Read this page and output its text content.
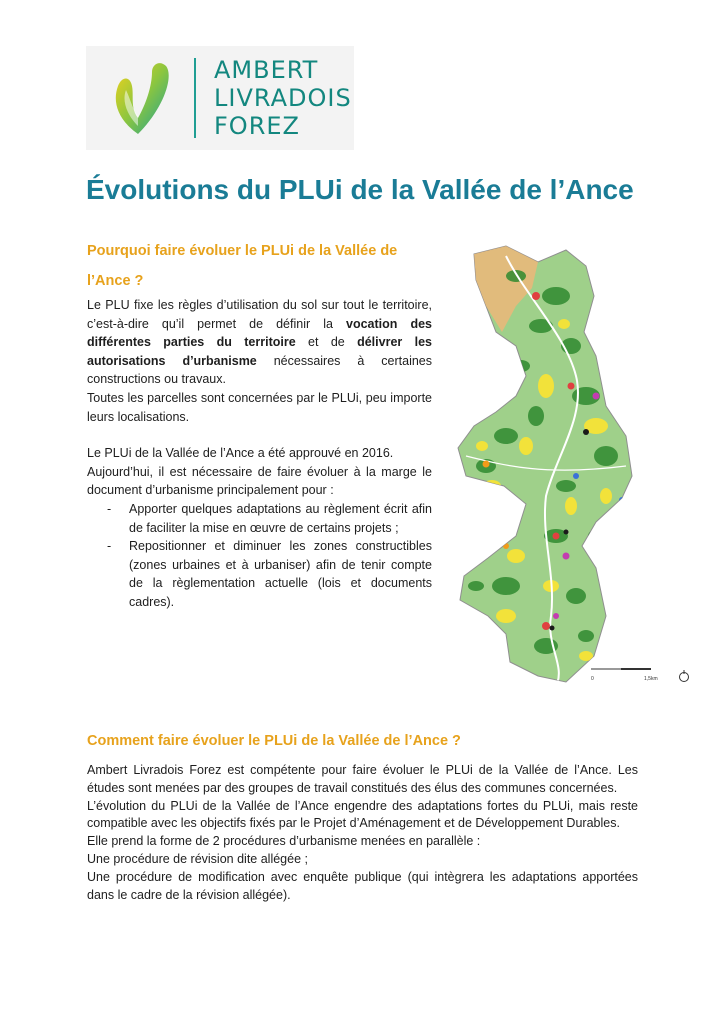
AMBERT
LIVRADOIS
FOREZ
Évolutions du PLUi de la Vallée de l’Ance
Pourquoi faire évoluer le PLUi de la Vallée de l’Ance ?

Le PLU fixe les règles d’utilisation du sol sur tout le territoire, c’est-à-dire qu’il permet de définir la vocation des différentes parties du territoire et de délivrer les autorisations d’urbanisme nécessaires à certaines constructions ou travaux.

Toutes les parcelles sont concernées par le PLUi, peu importe leurs localisations.

Le PLUi de la Vallée de l’Ance a été approuvé en 2016.

Aujourd’hui, il est nécessaire de faire évoluer à la marge le document d’urbanisme principalement pour :

- Apporter quelques adaptations au règlement écrit afin de faciliter la mise en œuvre de certains projets ;
- Repositionner et diminuer les zones constructibles (zones urbaines et à urbaniser) afin de tenir compte de la règlementation actuelle (lois et documents cadres).
0	1,5km
Comment faire évoluer le PLUi de la Vallée de l’Ance ?

Ambert Livradois Forez est compétente pour faire évoluer le PLUi de la Vallée de l’Ance. Les études sont menées par des groupes de travail constitués des élus des communes concernées.

L’évolution du PLUi de la Vallée de l’Ance engendre des adaptations fortes du PLUi, mais reste compatible avec les objectifs fixés par le Projet d’Aménagement et de Développement Durables.

Elle prend la forme de 2 procédures d’urbanisme menées en parallèle :

Une procédure de révision dite allégée ;

Une procédure de modification avec enquête publique (qui intègrera les adaptations apportées dans le cadre de la révision allégée).
